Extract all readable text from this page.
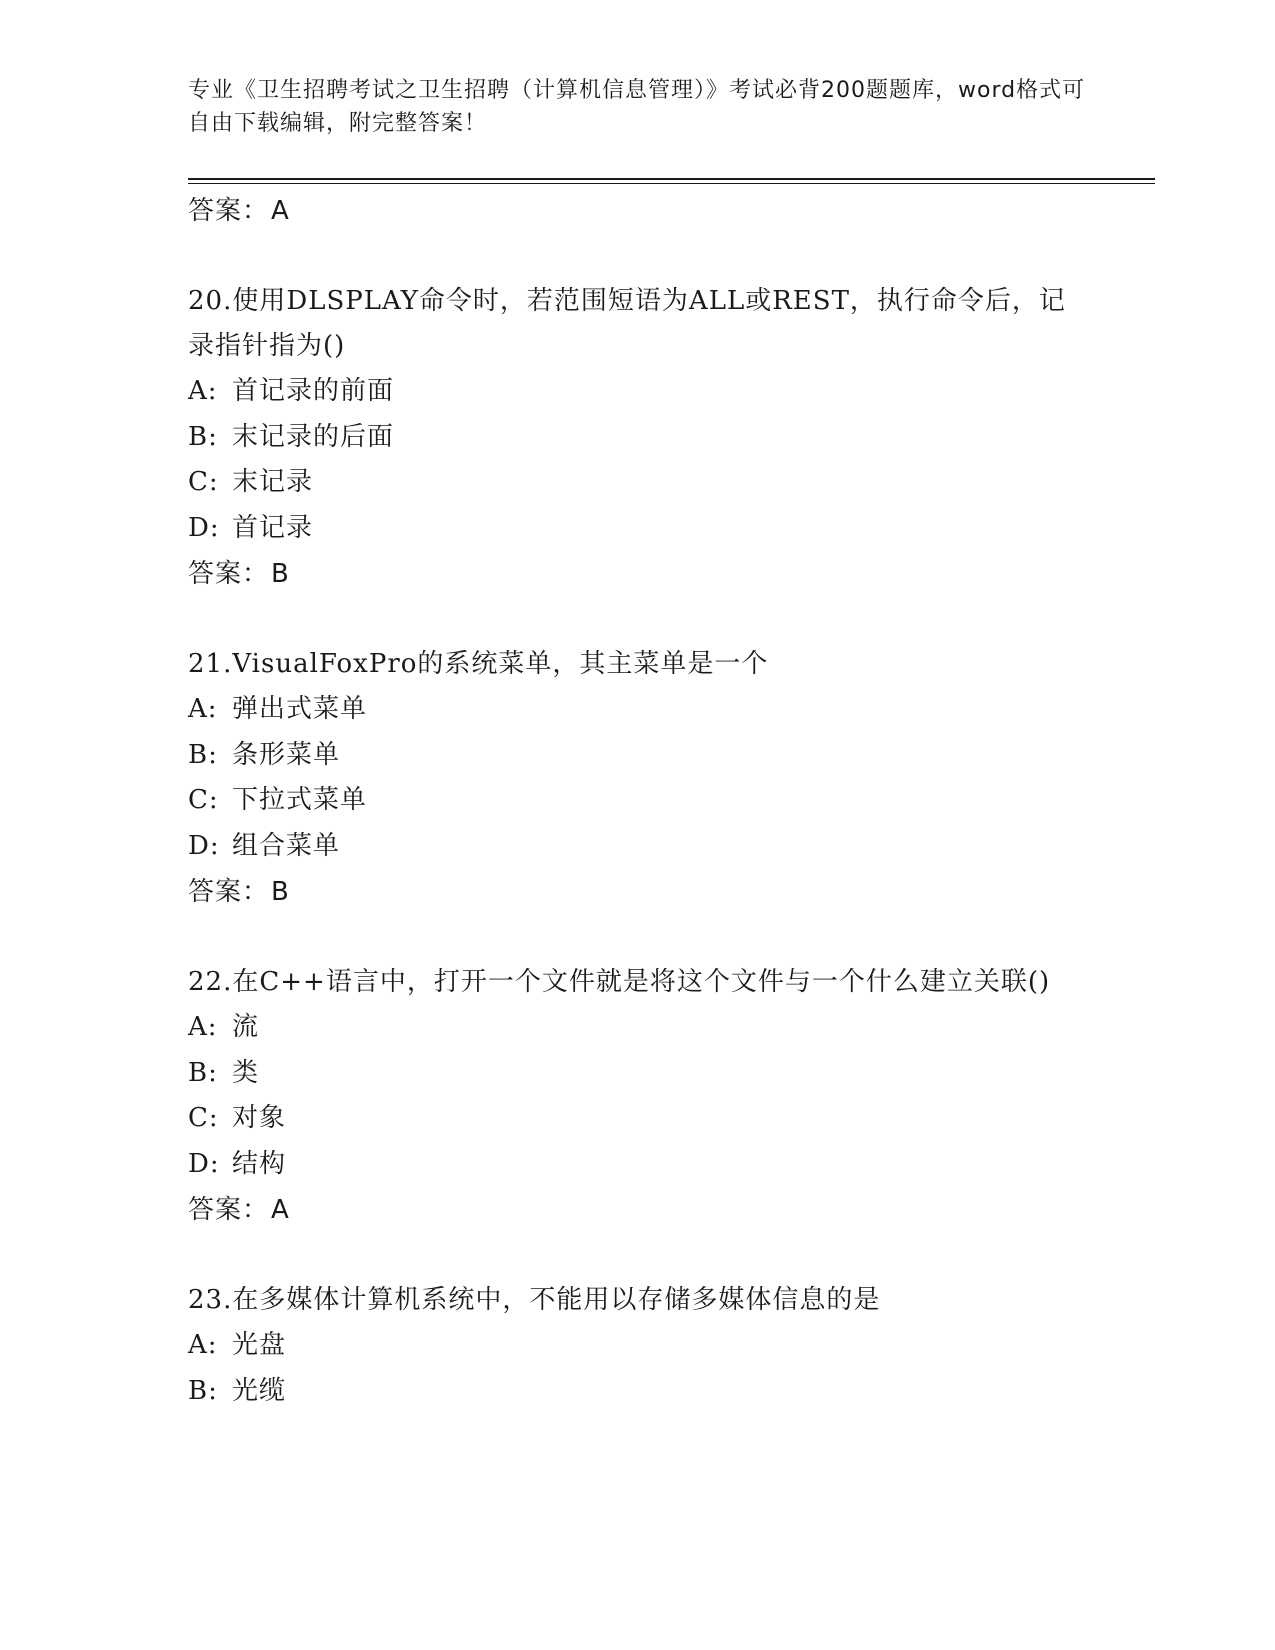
专业《卫生招聘考试之卫生招聘（计算机信息管理）》考试必背200题题库，word格式可自由下载编辑，附完整答案！
答案：A
20.使用DLSPLAY命令时，若范围短语为ALL或REST，执行命令后，记录指针指为()
A: 首记录的前面
B: 末记录的后面
C: 末记录
D: 首记录
答案：B
21.VisualFoxPro的系统菜单，其主菜单是一个
A: 弹出式菜单
B: 条形菜单
C: 下拉式菜单
D: 组合菜单
答案：B
22.在C++语言中，打开一个文件就是将这个文件与一个什么建立关联()
A: 流
B: 类
C: 对象
D: 结构
答案：A
23.在多媒体计算机系统中，不能用以存储多媒体信息的是
A: 光盘
B: 光缆
